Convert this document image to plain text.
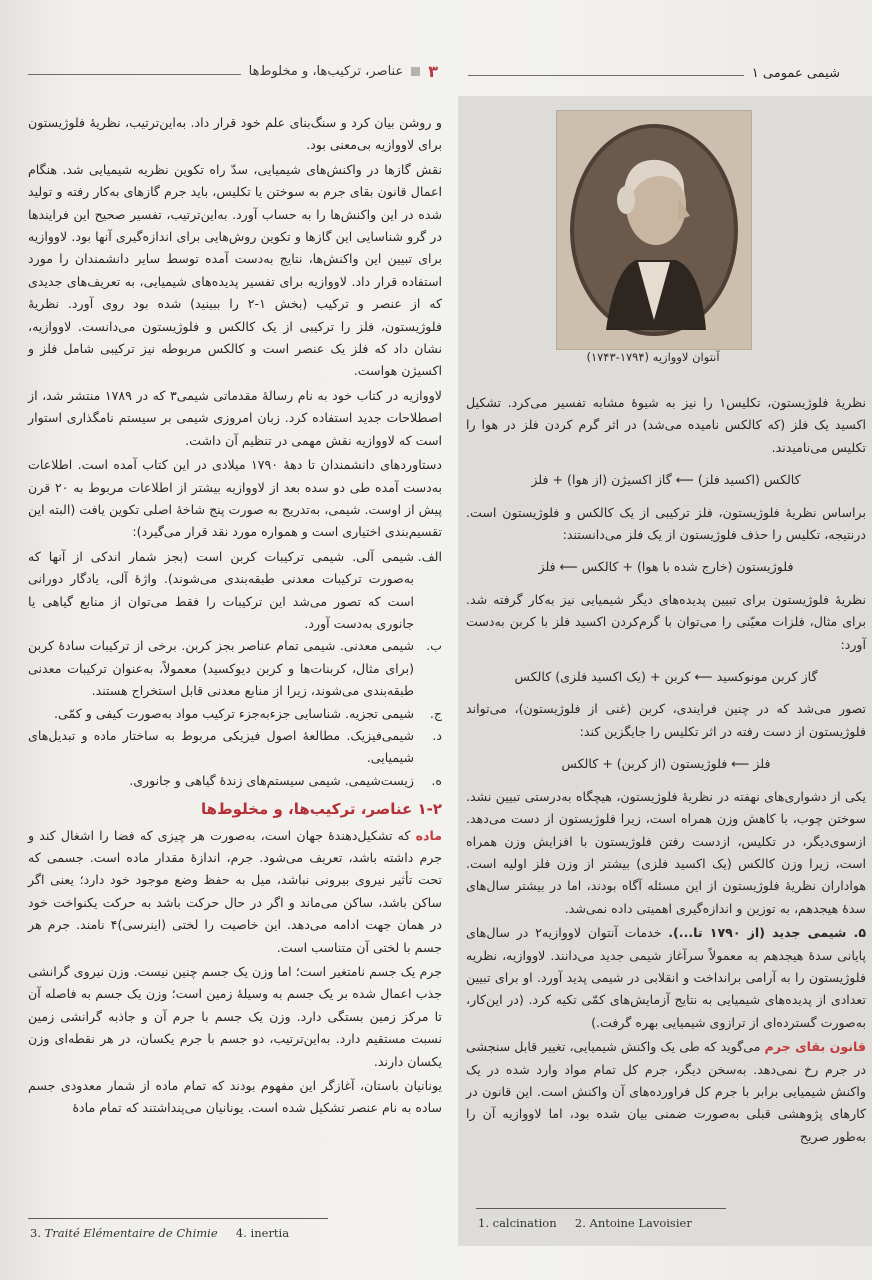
۳
عناصر، ترکیب‌ها، و مخلوط‌ها	شیمی عمومی ۱
آنتوان لاووازیه (۱۷۹۴-۱۷۴۳)

و روشن بیان کرد و سنگ‌بنای علم خود قرار داد. به‌این‌ترتیب، نظریهٔ فلوژیستون برای لاووازیه بی‌معنی بود.

نقش گازها در واکنش‌های شیمیایی، سدّ راه تکوین نظریه شیمیایی شد. هنگام اعمال قانون بقای جرم به سوختن یا تکلیس، باید جرم گازهای به‌کار رفته و تولید شده در این واکنش‌ها را به حساب آورد. به‌این‌ترتیب، تفسیر صحیح این فرایندها در گرو شناسایی این گازها و تکوین روش‌هایی برای اندازه‌گیری آنها بود. لاووازیه برای تبیین این واکنش‌ها، نتایج به‌دست آمده توسط سایر دانشمندان را مورد استفاده قرار داد. لاووازیه برای تفسیر پدیده‌های شیمیایی، به تعریف‌های جدیدی که از عنصر و ترکیب (بخش ۱-۲ را ببینید) شده بود روی آورد. نظریهٔ فلوژیستون، فلز را ترکیبی از یک کالکس و فلوژیستون می‌دانست. لاووازیه، نشان داد که فلز یک عنصر است و کالکس مربوطه نیز ترکیبی شامل فلز و اکسیژن هواست.

لاووازیه در کتاب خود به نام رسالهٔ مقدماتی شیمی۳ که در ۱۷۸۹ منتشر شد، از اصطلاحات جدید استفاده کرد. زبان امروزی شیمی بر سیستم نامگذاری استوار است که لاووازیه نقش مهمی در تنظیم آن داشت.

دستاوردهای دانشمندان تا دههٔ ۱۷۹۰ میلادی در این کتاب آمده است. اطلاعات به‌دست آمده طی دو سده بعد از لاووازیه بیشتر از اطلاعات مربوط به ۲۰ قرن پیش از اوست. شیمی، به‌تدریج به صورت پنج شاخهٔ اصلی تکوین یافت (البته این تقسیم‌بندی اختیاری است و همواره مورد نقد قرار می‌گیرد):

الف.
شیمی آلی. شیمی ترکیبات کربن است (بجز شمار اندکی از آنها که به‌صورت ترکیبات معدنی طبقه‌بندی می‌شوند). واژهٔ آلی، یادگار دورانی است که تصور می‌شد این ترکیبات را فقط می‌توان از منابع گیاهی یا جانوری به‌دست آورد.
ب.
شیمی معدنی. شیمی تمام عناصر بجز کربن. برخی از ترکیبات سادهٔ کربن (برای مثال، کربنات‌ها و کربن دیوکسید) معمولاً، به‌عنوان ترکیبات معدنی طبقه‌بندی می‌شوند، زیرا از منابع معدنی قابل استخراج هستند.
ج.
شیمی تجزیه. شناسایی جزءبه‌جزء ترکیب مواد به‌صورت کیفی و کمّی.
د.
شیمی‌فیزیک. مطالعهٔ اصول فیزیکی مربوط به ساختار ماده و تبدیل‌های شیمیایی.
ه.
زیست‌شیمی. شیمی سیستم‌های زندهٔ گیاهی و جانوری.
۱-۲ عناصر، ترکیب‌ها، و مخلوط‌ها

ماده که تشکیل‌دهندهٔ جهان است، به‌صورت هر چیزی که فضا را اشغال کند و جرم داشته باشد، تعریف می‌شود. جرم، اندازهٔ مقدار ماده است. جسمی که تحت تأثیر نیروی بیرونی نباشد، میل به حفظ وضع موجود خود دارد؛ یعنی اگر ساکن باشد، ساکن می‌ماند و اگر در حال حرکت باشد به حرکت یکنواخت خود در همان جهت ادامه می‌دهد. این خاصیت را لختی (اینرسی)۴ نامند. جرم هر جسم با لختی آن متناسب است.

جرم یک جسم نامتغیر است؛ اما وزن یک جسم چنین نیست. وزن نیروی گرانشی جذب اعمال شده بر یک جسم به وسیلهٔ زمین است؛ وزن یک جسم به فاصله آن تا مرکز زمین بستگی دارد. وزن یک جسم با جرم آن و جاذبه گرانشی زمین نسبت مستقیم دارد. به‌این‌ترتیب، دو جسم با جرم یکسان، در هر نقطه‌ای وزن یکسان دارند.

یونانیان باستان، آغازگر این مفهوم بودند که تمام ماده از شمار معدودی جسم ساده به نام عنصر تشکیل شده است. یونانیان می‌پنداشتند که تمام مادهٔ

نظریهٔ فلوژیستون، تکلیس۱ را نیز به شیوهٔ مشابه تفسیر می‌کرد. تشکیل اکسید یک فلز (که کالکس نامیده می‌شد) در اثر گرم کردن فلز در هوا را تکلیس می‌نامیدند.

کالکس (اکسید فلز) ⟵ گاز اکسیژن (از هوا) + فلز

براساس نظریهٔ فلوژیستون، فلز ترکیبی از یک کالکس و فلوژیستون است. درنتیجه، تکلیس را حذف فلوژیستون از یک فلز می‌دانستند:

فلوژیستون (خارج شده با هوا) + کالکس ⟵ فلز

نظریهٔ فلوژیستون برای تبیین پدیده‌های دیگر شیمیایی نیز به‌کار گرفته شد. برای مثال، فلزات معیّنی را می‌توان با گرم‌کردن اکسید فلز با کربن به‌دست آورد:

گاز کربن مونوکسید ⟵ کربن + (یک اکسید فلزی) کالکس

تصور می‌شد که در چنین فرایندی، کربن (غنی از فلوژیستون)، می‌تواند فلوژیستون از دست رفته در اثر تکلیس را جایگزین کند:

فلز ⟵ فلوژیستون (از کربن) + کالکس

یکی از دشواری‌های نهفته در نظریهٔ فلوژیستون، هیچگاه به‌درستی تبیین نشد. سوختن چوب، با کاهش وزن همراه است، زیرا فلوژیستون از دست می‌دهد. ازسوی‌دیگر، در تکلیس، ازدست رفتن فلوژیستون با افزایش وزن همراه است، زیرا وزن کالکس (یک اکسید فلزی) بیشتر از وزن فلز اولیه است. هواداران نظریهٔ فلوژیستون از این مسئله آگاه بودند، اما در بیشتر سال‌های سدهٔ هیجدهم، به توزین و اندازه‌گیری اهمیتی داده نمی‌شد.

۵. شیمی جدید (از ۱۷۹۰ تا...). خدمات آنتوان لاووازیه۲ در سال‌های پایانی سدهٔ هیجدهم به‌ معمولاً سرآغاز شیمی جدید می‌دانند. لاووازیه، نظریه فلوژیستون را به آرامی برانداخت و انقلابی در شیمی پدید آورد. او برای تبیین تعدادی از پدیده‌های شیمیایی به نتایج آزمایش‌های کمّی تکیه کرد. (در این‌کار، به‌صورت گسترده‌ای از ترازوی شیمیایی بهره گرفت.)

قانون بقای جرم می‌گوید که طی یک واکنش شیمیایی، تغییر قابل سنجشی در جرم رخ نمی‌دهد. به‌سخن دیگر، جرم کل تمام مواد وارد شده در یک واکنش شیمیایی برابر با جرم کل فراورده‌های آن واکنش است. این قانون در کارهای پژوهشی قبلی به‌صورت ضمنی بیان شده بود، اما لاووازیه آن را به‌طور صریح

3. Traité Elémentaire de Chimie 4. inertia
1. calcination 2. Antoine Lavoisier
